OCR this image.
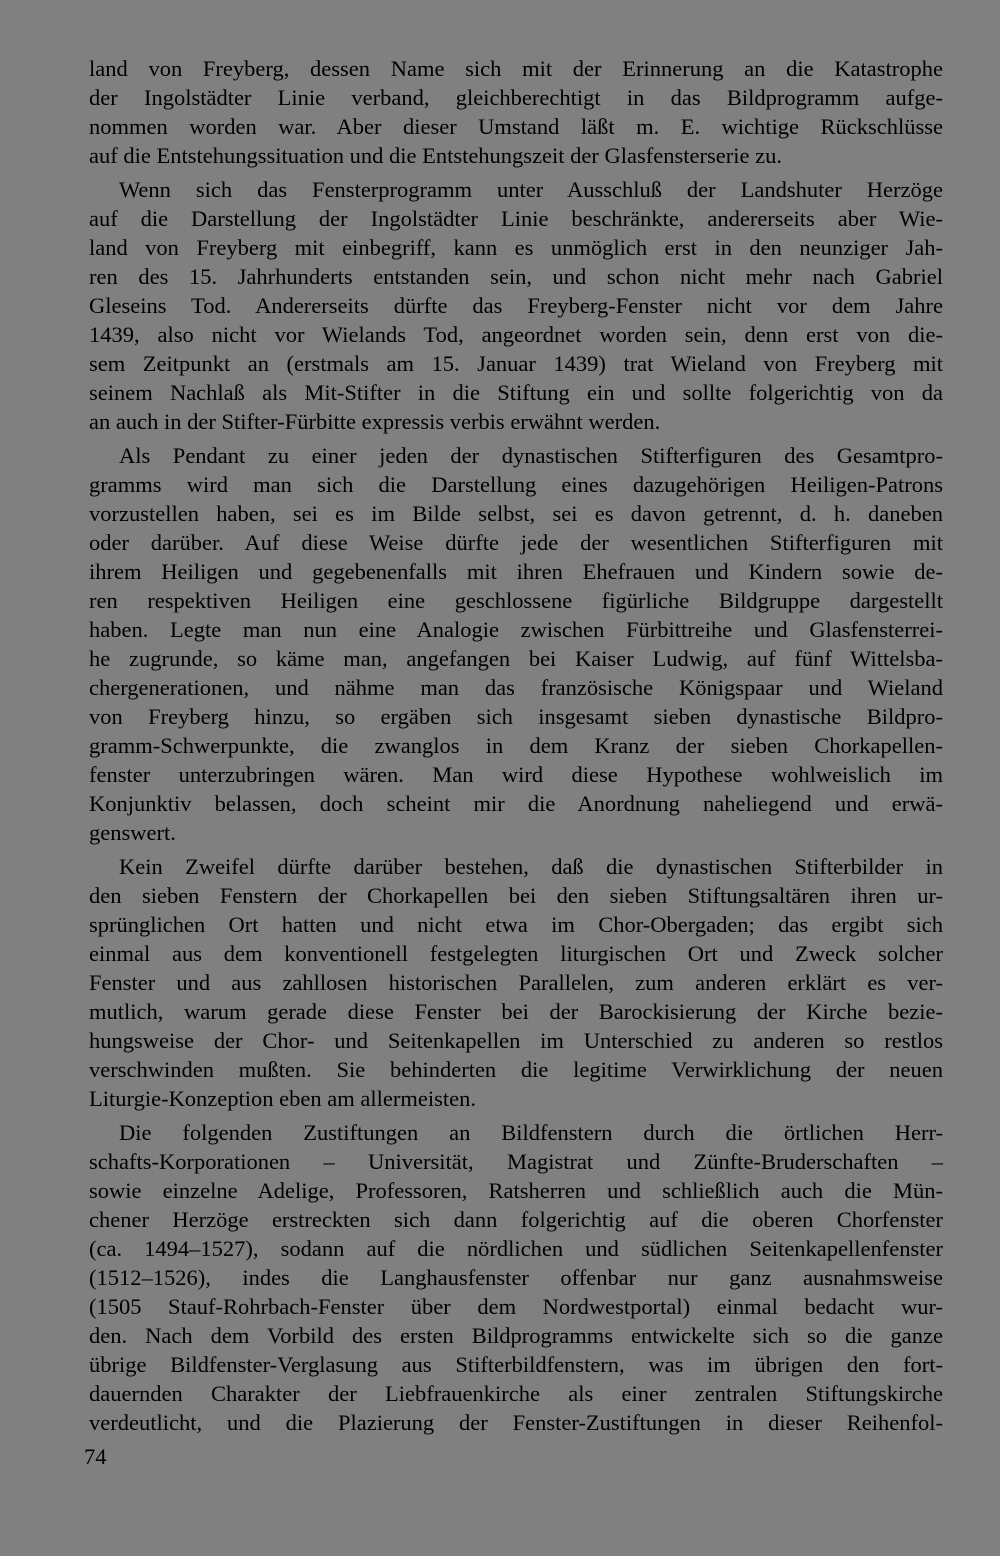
land von Freyberg, dessen Name sich mit der Erinnerung an die Katastrophe
der Ingolstädter Linie verband, gleichberechtigt in das Bildprogramm aufge-
nommen worden war. Aber dieser Umstand läßt m. E. wichtige Rückschlüsse
auf die Entstehungssituation und die Entstehungszeit der Glasfensterserie zu.
Wenn sich das Fensterprogramm unter Ausschluß der Landshuter Herzöge
auf die Darstellung der Ingolstädter Linie beschränkte, andererseits aber Wie-
land von Freyberg mit einbegriff, kann es unmöglich erst in den neunziger Jah-
ren des 15. Jahrhunderts entstanden sein, und schon nicht mehr nach Gabriel
Gleseins Tod. Andererseits dürfte das Freyberg-Fenster nicht vor dem Jahre
1439, also nicht vor Wielands Tod, angeordnet worden sein, denn erst von die-
sem Zeitpunkt an (erstmals am 15. Januar 1439) trat Wieland von Freyberg mit
seinem Nachlaß als Mit-Stifter in die Stiftung ein und sollte folgerichtig von da
an auch in der Stifter-Fürbitte expressis verbis erwähnt werden.
Als Pendant zu einer jeden der dynastischen Stifterfiguren des Gesamtpro-
gramms wird man sich die Darstellung eines dazugehörigen Heiligen-Patrons
vorzustellen haben, sei es im Bilde selbst, sei es davon getrennt, d. h. daneben
oder darüber. Auf diese Weise dürfte jede der wesentlichen Stifterfiguren mit
ihrem Heiligen und gegebenenfalls mit ihren Ehefrauen und Kindern sowie de-
ren respektiven Heiligen eine geschlossene figürliche Bildgruppe dargestellt
haben. Legte man nun eine Analogie zwischen Fürbittreihe und Glasfensterrei-
he zugrunde, so käme man, angefangen bei Kaiser Ludwig, auf fünf Wittelsba-
chergenerationen, und nähme man das französische Königspaar und Wieland
von Freyberg hinzu, so ergäben sich insgesamt sieben dynastische Bildpro-
gramm-Schwerpunkte, die zwanglos in dem Kranz der sieben Chorkapellen-
fenster unterzubringen wären. Man wird diese Hypothese wohlweislich im
Konjunktiv belassen, doch scheint mir die Anordnung naheliegend und erwä-
genswert.
Kein Zweifel dürfte darüber bestehen, daß die dynastischen Stifterbilder in
den sieben Fenstern der Chorkapellen bei den sieben Stiftungsaltären ihren ur-
sprünglichen Ort hatten und nicht etwa im Chor-Obergaden; das ergibt sich
einmal aus dem konventionell festgelegten liturgischen Ort und Zweck solcher
Fenster und aus zahllosen historischen Parallelen, zum anderen erklärt es ver-
mutlich, warum gerade diese Fenster bei der Barockisierung der Kirche bezie-
hungsweise der Chor- und Seitenkapellen im Unterschied zu anderen so restlos
verschwinden mußten. Sie behinderten die legitime Verwirklichung der neuen
Liturgie-Konzeption eben am allermeisten.
Die folgenden Zustiftungen an Bildfenstern durch die örtlichen Herr-
schafts-Korporationen – Universität, Magistrat und Zünfte-Bruderschaften –
sowie einzelne Adelige, Professoren, Ratsherren und schließlich auch die Mün-
chener Herzöge erstreckten sich dann folgerichtig auf die oberen Chorfenster
(ca. 1494–1527), sodann auf die nördlichen und südlichen Seitenkapellenfenster
(1512–1526), indes die Langhausfenster offenbar nur ganz ausnahmsweise
(1505 Stauf-Rohrbach-Fenster über dem Nordwestportal) einmal bedacht wur-
den. Nach dem Vorbild des ersten Bildprogramms entwickelte sich so die ganze
übrige Bildfenster-Verglasung aus Stifterbildfenstern, was im übrigen den fort-
dauernden Charakter der Liebfrauenkirche als einer zentralen Stiftungskirche
verdeutlicht, und die Plazierung der Fenster-Zustiftungen in dieser Reihenfol-
74
